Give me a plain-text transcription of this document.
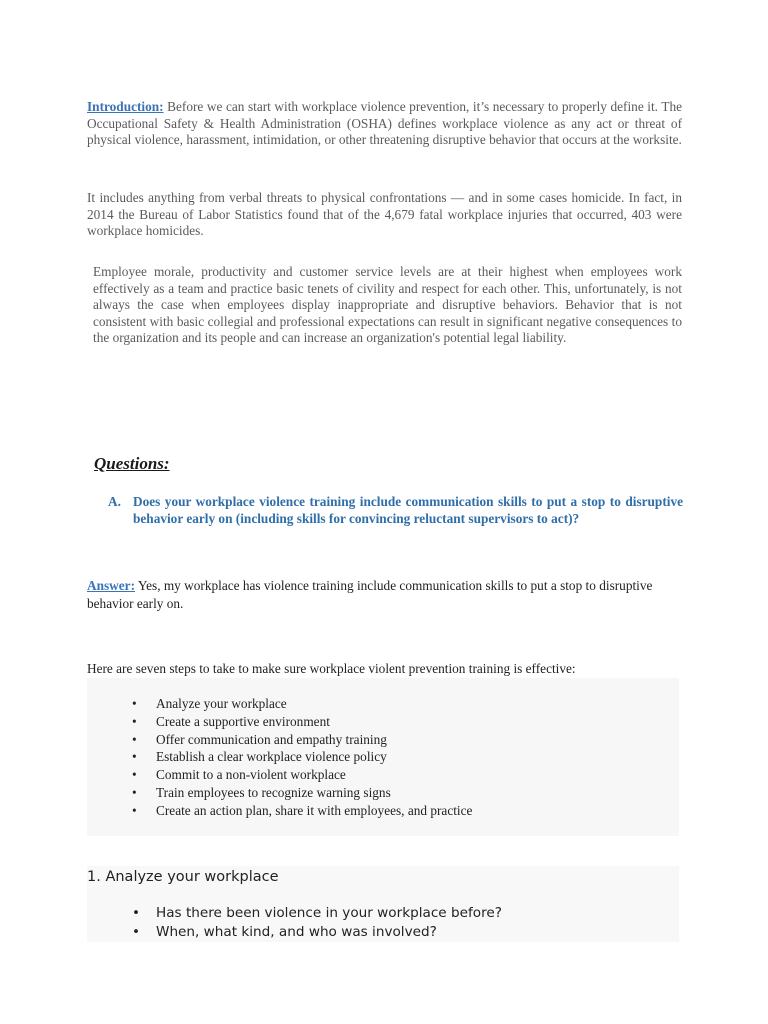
Introduction: Before we can start with workplace violence prevention, it’s necessary to properly define it. The Occupational Safety & Health Administration (OSHA) defines workplace violence as any act or threat of physical violence, harassment, intimidation, or other threatening disruptive behavior that occurs at the worksite.
It includes anything from verbal threats to physical confrontations — and in some cases homicide. In fact, in 2014 the Bureau of Labor Statistics found that of the 4,679 fatal workplace injuries that occurred, 403 were workplace homicides.
Employee morale, productivity and customer service levels are at their highest when employees work effectively as a team and practice basic tenets of civility and respect for each other. This, unfortunately, is not always the case when employees display inappropriate and disruptive behaviors. Behavior that is not consistent with basic collegial and professional expectations can result in significant negative consequences to the organization and its people and can increase an organization's potential legal liability.
Questions:
A. Does your workplace violence training include communication skills to put a stop to disruptive behavior early on (including skills for convincing reluctant supervisors to act)?
Answer: Yes, my workplace has violence training include communication skills to put a stop to disruptive behavior early on.
Here are seven steps to take to make sure workplace violent prevention training is effective:
• Analyze your workplace
• Create a supportive environment
• Offer communication and empathy training
• Establish a clear workplace violence policy
• Commit to a non-violent workplace
• Train employees to recognize warning signs
• Create an action plan, share it with employees, and practice
1. Analyze your workplace
• Has there been violence in your workplace before?
• When, what kind, and who was involved?
